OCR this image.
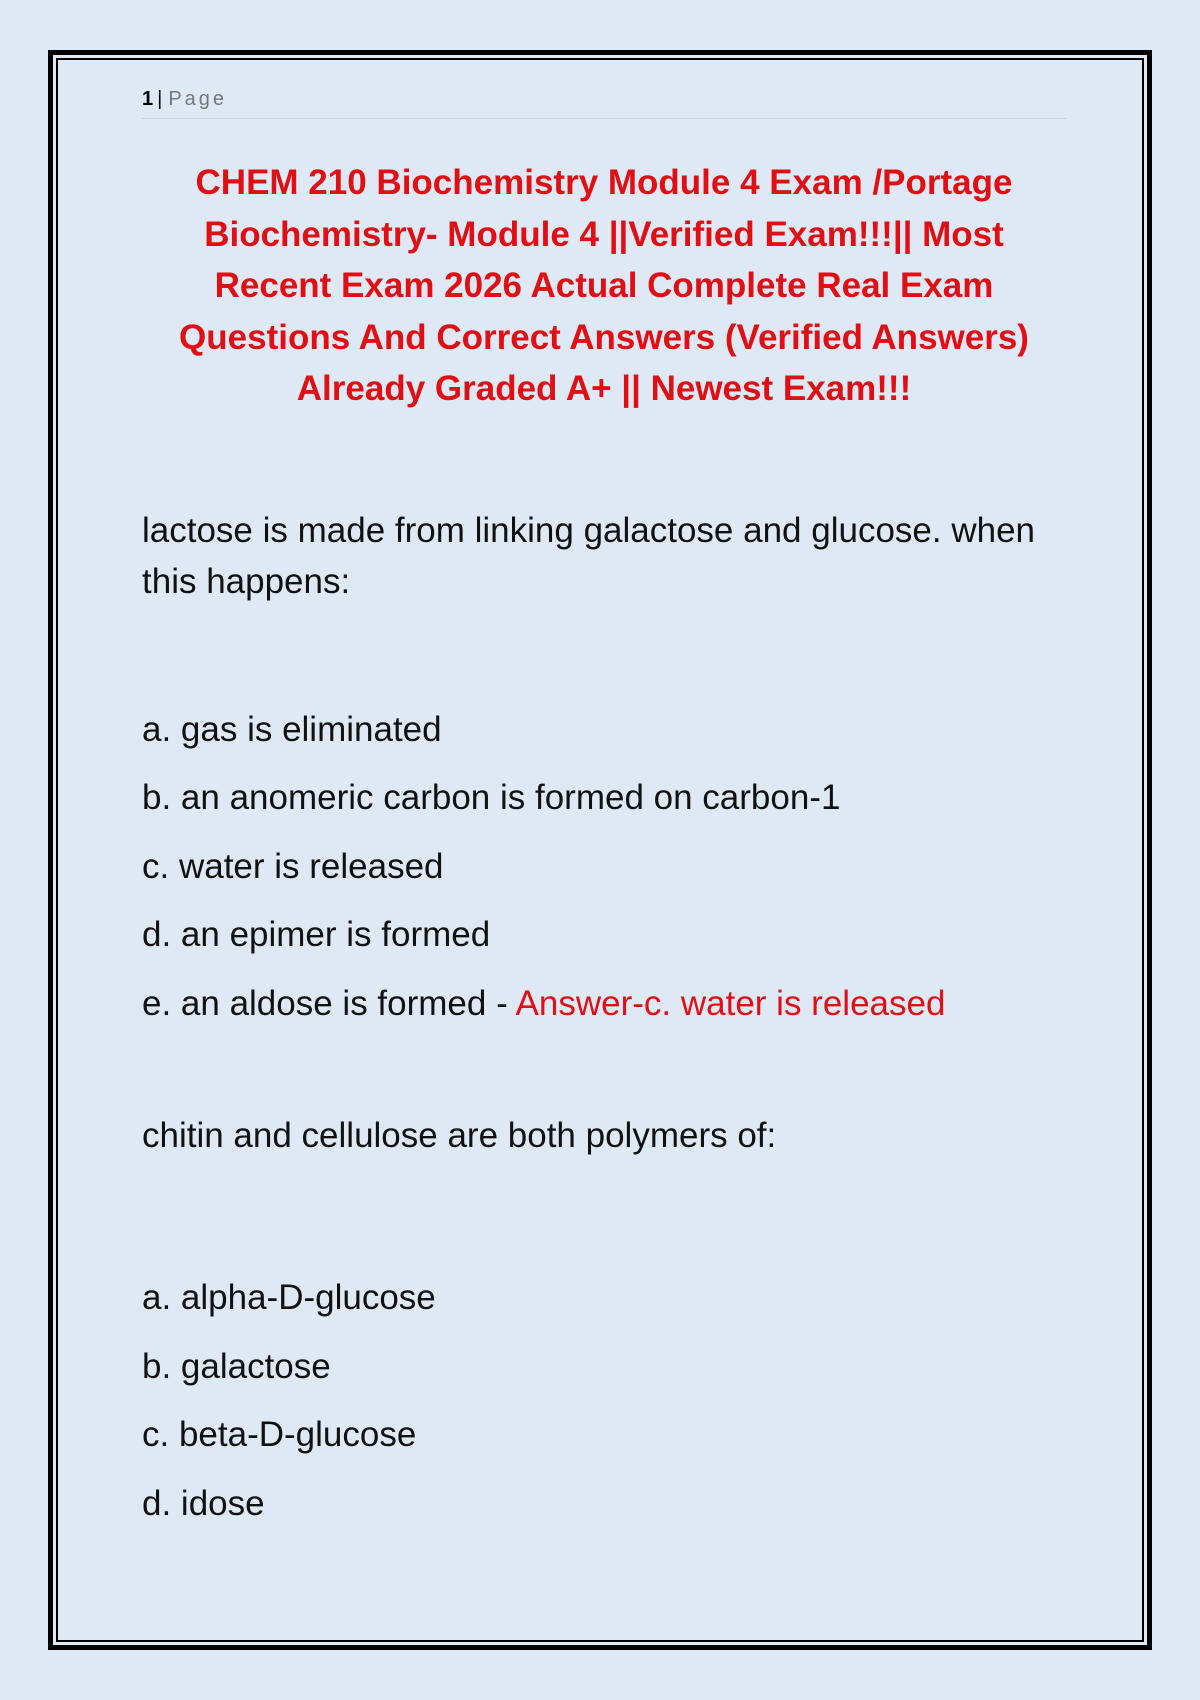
1 | Page
CHEM 210 Biochemistry Module 4 Exam /Portage Biochemistry- Module 4 ||Verified Exam!!!|| Most Recent Exam 2026 Actual Complete Real Exam Questions And Correct Answers (Verified Answers) Already Graded A+ || Newest Exam!!!
lactose is made from linking galactose and glucose. when this happens:
a. gas is eliminated
b. an anomeric carbon is formed on carbon-1
c. water is released
d. an epimer is formed
e. an aldose is formed - Answer-c. water is released
chitin and cellulose are both polymers of:
a. alpha-D-glucose
b. galactose
c. beta-D-glucose
d. idose
